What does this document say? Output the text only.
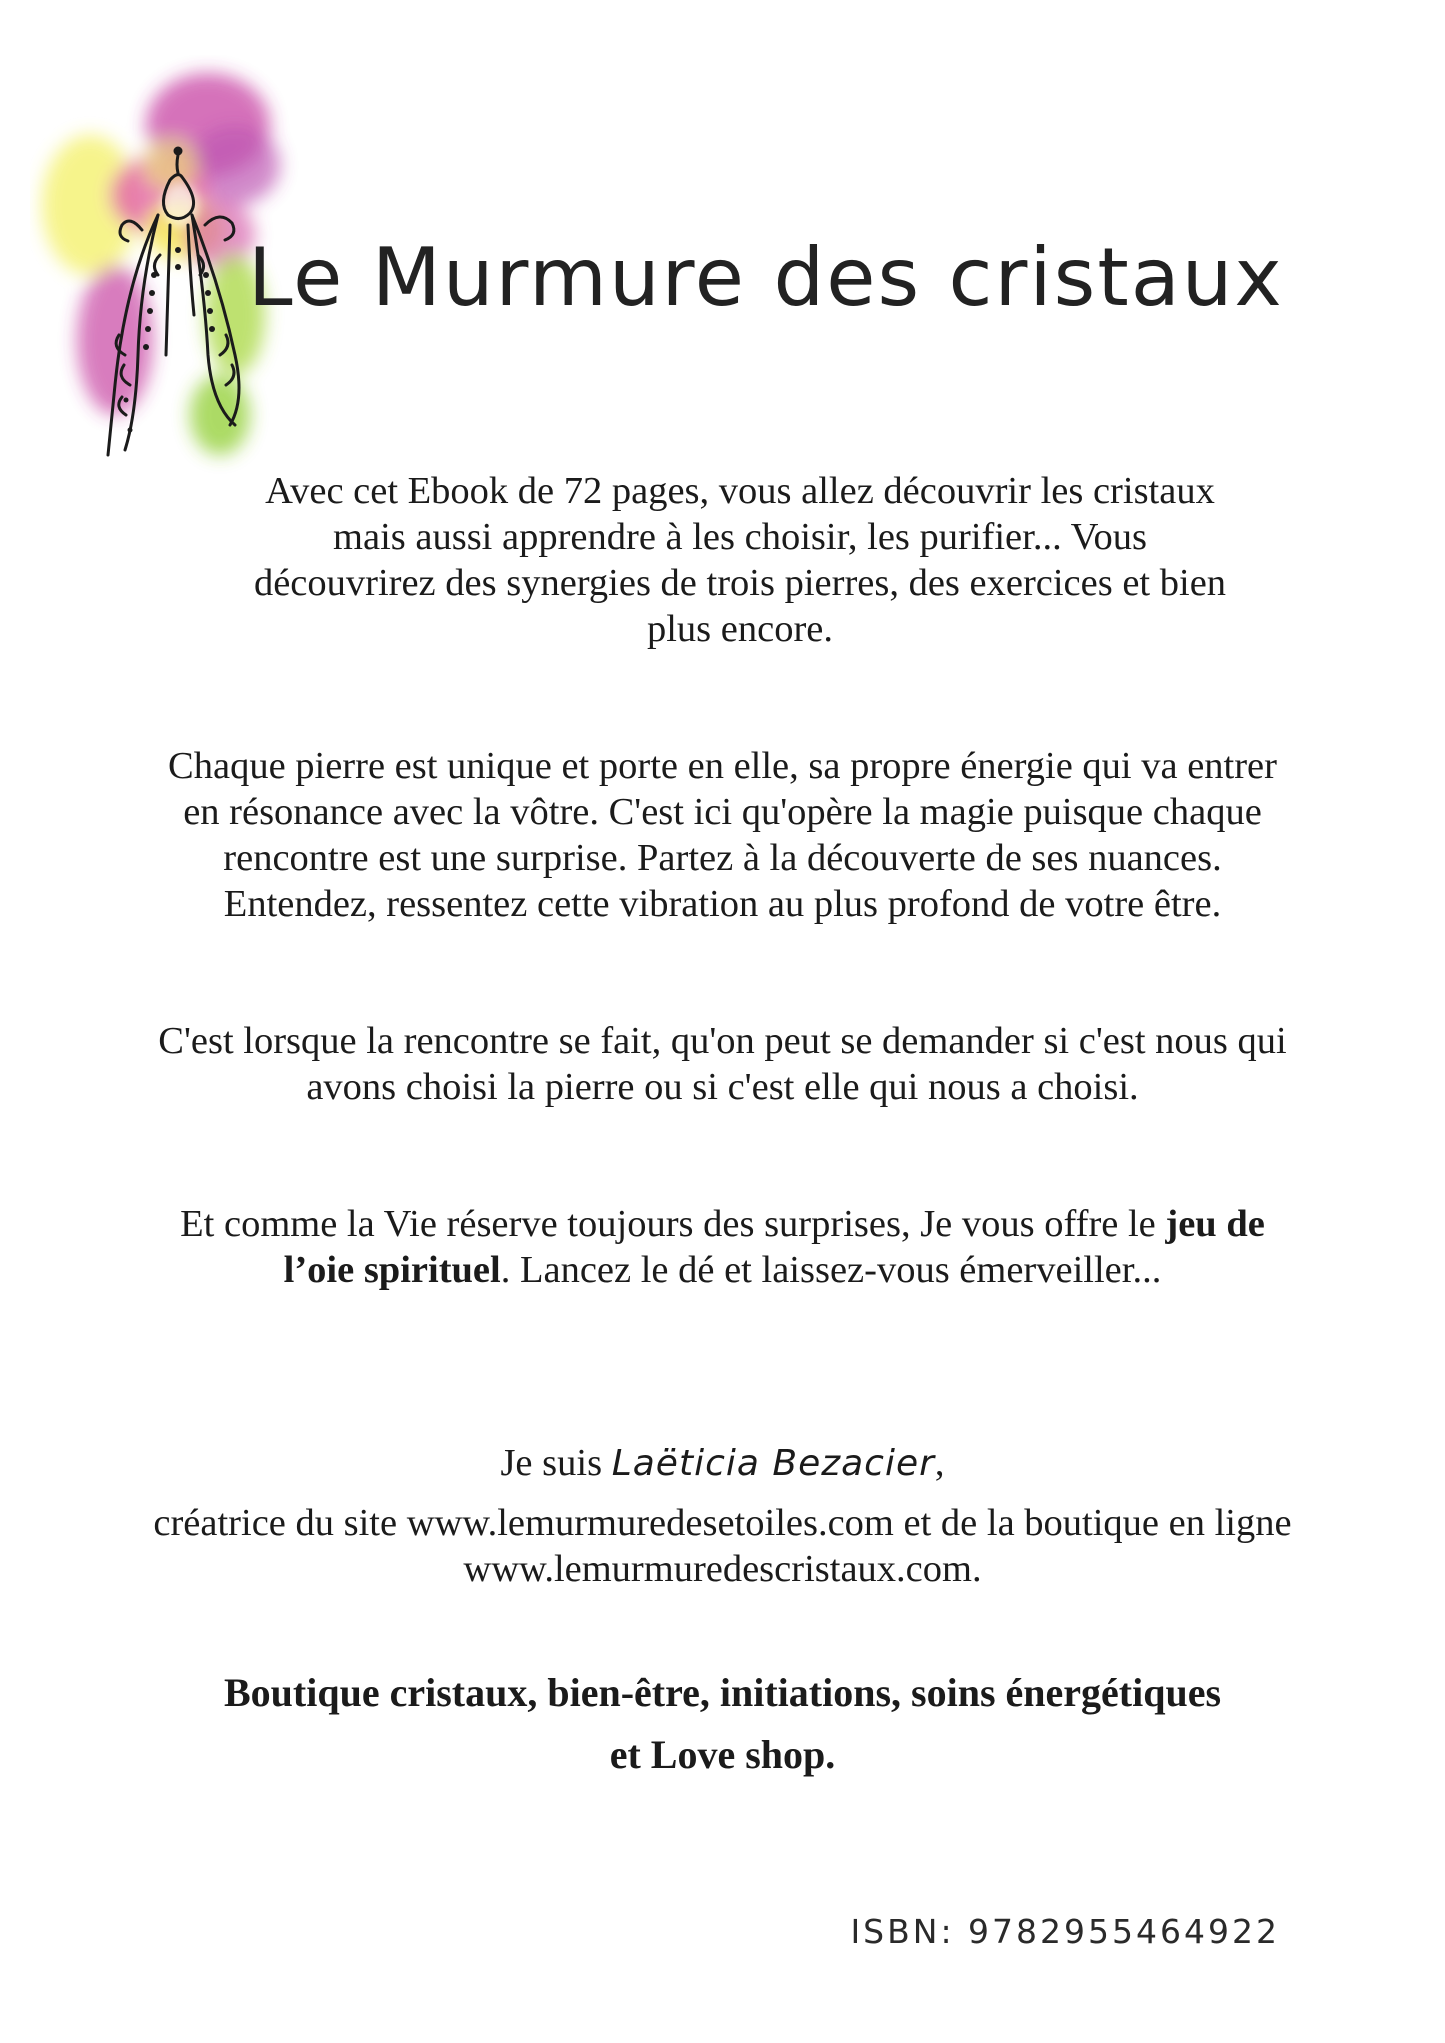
Le Murmure des cristaux

Avec cet Ebook de 72 pages, vous allez découvrir les cristaux mais aussi apprendre à les choisir, les purifier... Vous découvrirez des synergies de trois pierres, des exercices et bien plus encore.

Chaque pierre est unique et porte en elle, sa propre énergie qui va entrer en résonance avec la vôtre. C'est ici qu'opère la magie puisque chaque rencontre est une surprise. Partez à la découverte de ses nuances. Entendez, ressentez cette vibration au plus profond de votre être.

C'est lorsque la rencontre se fait, qu'on peut se demander si c'est nous qui avons choisi la pierre ou si c'est elle qui nous a choisi.

Et comme la Vie réserve toujours des surprises, Je vous offre le jeu de l’oie spirituel. Lancez le dé et laissez-vous émerveiller...

Je suis Laëticia Bezacier,
créatrice du site www.lemurmuredesetoiles.com et de la boutique en ligne www.lemurmuredescristaux.com.
Boutique cristaux, bien-être, initiations, soins énergétiques
et Love shop.
ISBN: 9782955464922
